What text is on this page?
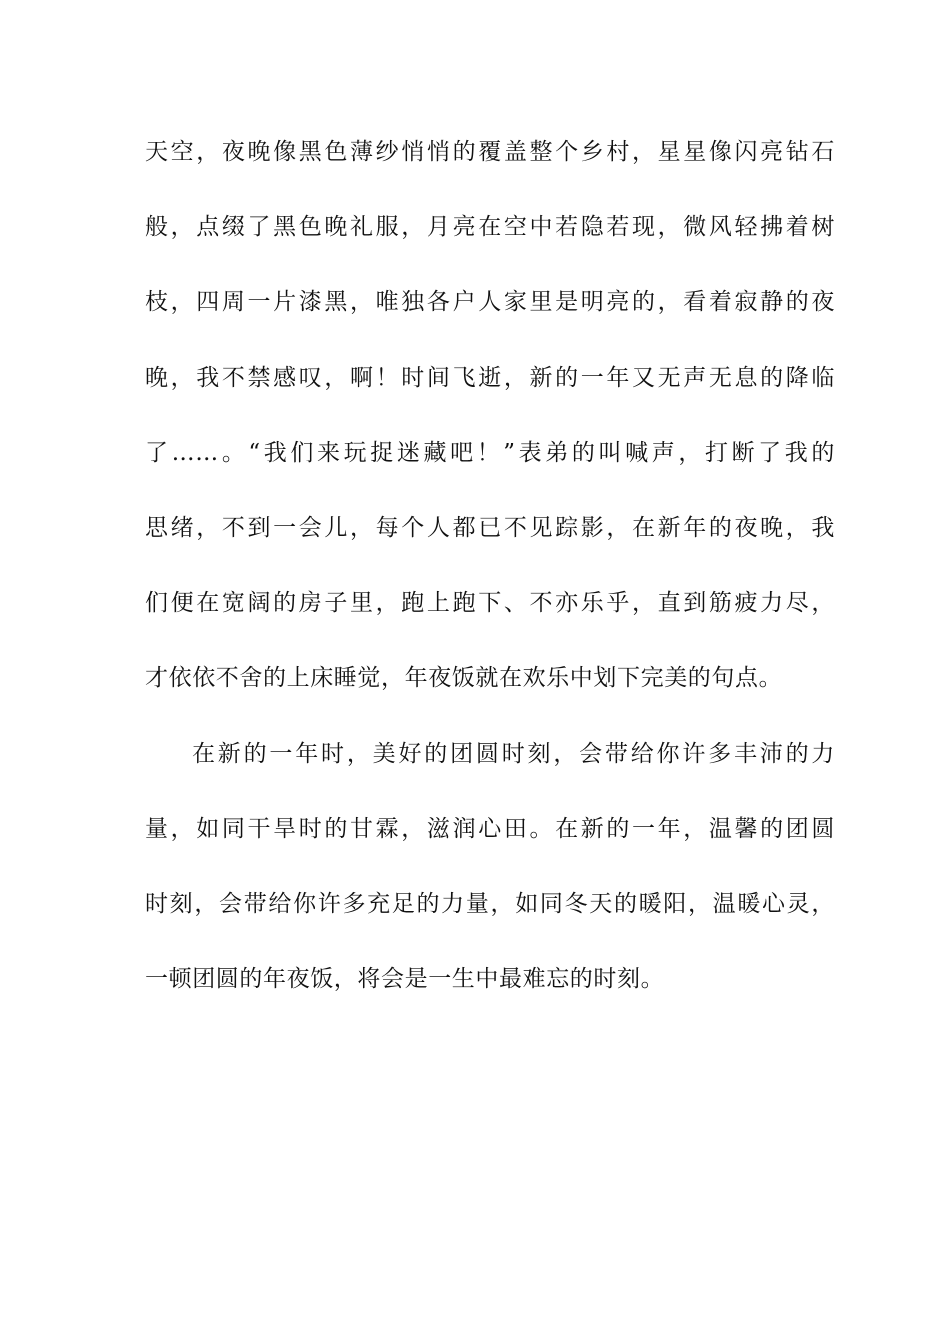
天空，夜晚像黑色薄纱悄悄的覆盖整个乡村，星星像闪亮钻石
般，点缀了黑色晚礼服，月亮在空中若隐若现，微风轻拂着树
枝，四周一片漆黑，唯独各户人家里是明亮的，看着寂静的夜
晚，我不禁感叹，啊！时间飞逝，新的一年又无声无息的降临
了……。“我们来玩捉迷藏吧！”表弟的叫喊声，打断了我的
思绪，不到一会儿，每个人都已不见踪影，在新年的夜晚，我
们便在宽阔的房子里，跑上跑下、不亦乐乎，直到筋疲力尽，
才依依不舍的上床睡觉，年夜饭就在欢乐中划下完美的句点。
在新的一年时，美好的团圆时刻，会带给你许多丰沛的力
量，如同干旱时的甘霖，滋润心田。在新的一年，温馨的团圆
时刻，会带给你许多充足的力量，如同冬天的暖阳，温暖心灵，
一顿团圆的年夜饭，将会是一生中最难忘的时刻。
